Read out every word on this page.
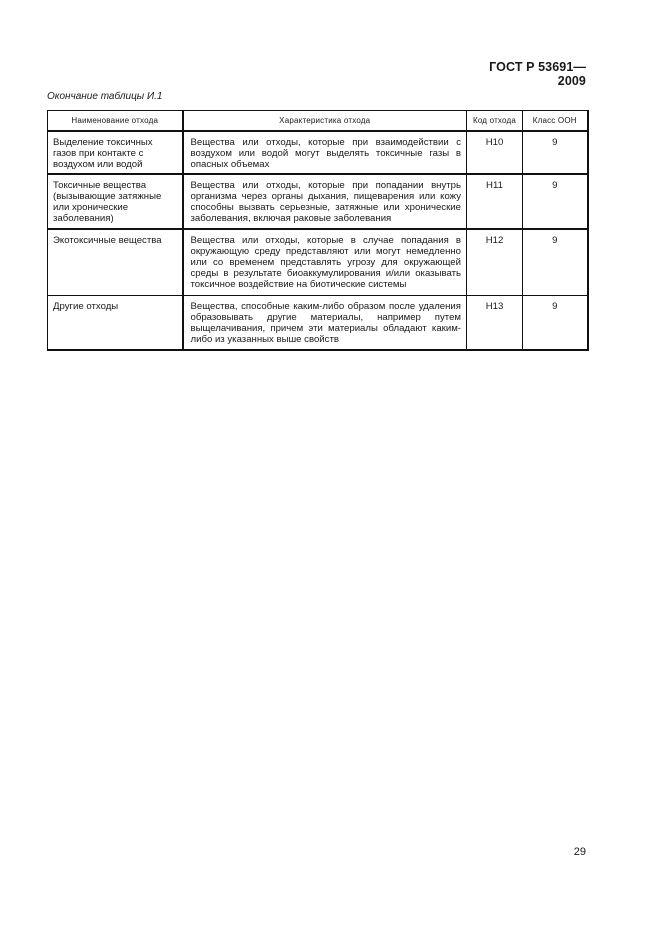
ГОСТ Р 53691—2009
Окончание таблицы И.1
Наименование отхода	Характеристика отхода	Код отхода	Класс ООН
Выделение токсичных газов при контакте с воздухом или водой	Вещества или отходы, которые при взаимодействии с воздухом или водой могут выделять токсичные газы в опасных объемах	H10	9
Токсичные вещества (вызывающие затяжные или хронические заболевания)	Вещества или отходы, которые при попадании внутрь организма через органы дыхания, пищеварения или кожу способны вызвать серьезные, затяжные или хронические заболевания, включая раковые заболевания	H11	9
Экотоксичные вещества	Вещества или отходы, которые в случае попадания в окружающую среду представляют или могут немедленно или со временем представлять угрозу для окружающей среды в результате биоаккумулирования и/или оказывать токсичное воздействие на биотические системы	H12	9
Другие отходы	Вещества, способные каким-либо образом после удаления образовывать другие материалы, например путем выщелачивания, причем эти материалы обладают каким-либо из указанных выше свойств	H13	9
29
